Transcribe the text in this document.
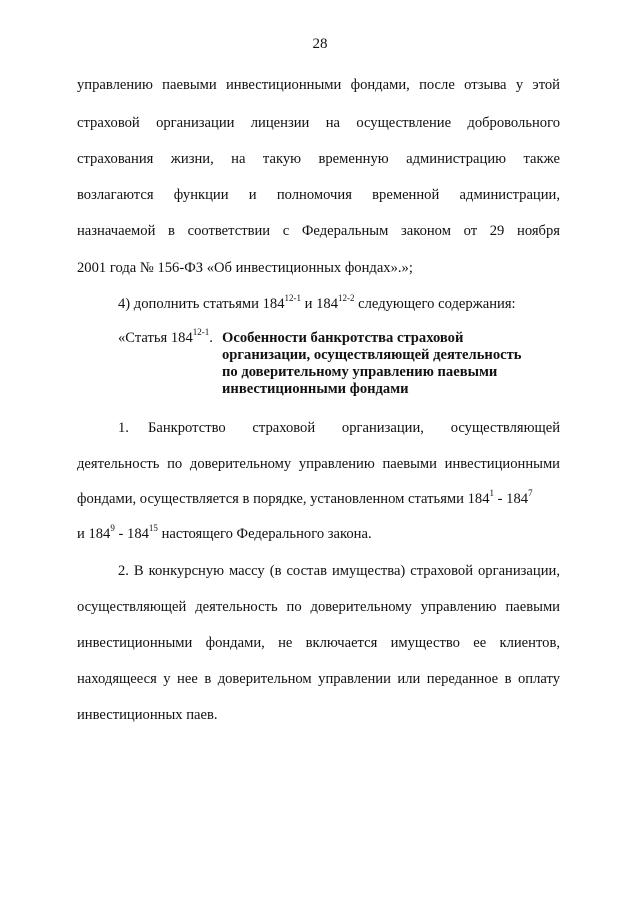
28
управлению паевыми инвестиционными фондами, после отзыва у этой
страховой организации лицензии на осуществление добровольного
страхования жизни, на такую временную администрацию также
возлагаются функции и полномочия временной администрации,
назначаемой в соответствии с Федеральным законом от 29 ноября
2001 года № 156-ФЗ «Об инвестиционных фондах».»;
4) дополнить статьями 184$^{12-1}$ и 184$^{12-2}$ следующего содержания:
«Статья 184$^{12-1}$. Особенности банкротства страховой
организации, осуществляющей деятельность
по доверительному управлению паевыми
инвестиционными фондами
1. Банкротство страховой организации, осуществляющей
деятельность по доверительному управлению паевыми инвестиционными
фондами, осуществляется в порядке, установленном статьями $184^1 - 184^7$
и $184^9 - 184^{15}$ настоящего Федерального закона.
2. В конкурсную массу (в состав имущества) страховой организации,
осуществляющей деятельность по доверительному управлению паевыми
инвестиционными фондами, не включается имущество ее клиентов,
находящееся у нее в доверительном управлении или переданное в оплату
инвестиционных паев.
